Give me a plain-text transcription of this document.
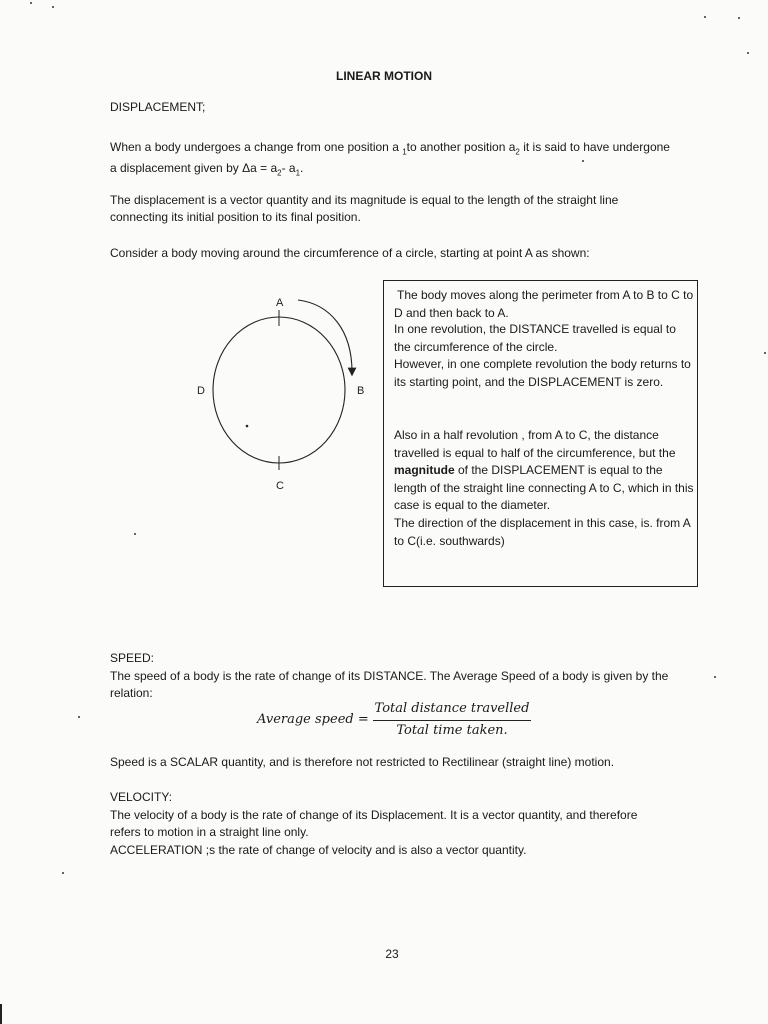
LINEAR MOTION
DISPLACEMENT;
When a body undergoes a change from one position a $_1$to another position $a_2$ it is said to have undergone a displacement given by $\Delta a = a_2-$ $a_1$.
The displacement is a vector quantity and its magnitude is equal to the length of the straight line connecting its initial position to its final position.
Consider a body moving around the circumference of a circle, starting at point A as shown:
A
B
C
D
The body moves along the perimeter from A to B to C to D and then back to A.
In one revolution, the DISTANCE travelled is equal to the circumference of the circle.
However, in one complete revolution the body returns to its starting point, and the DISPLACEMENT is zero.
Also in a half revolution , from A to C, the distance travelled is equal to half of the circumference, but the magnitude of the DISPLACEMENT is equal to the length of the straight line connecting A to C, which in this case is equal to the diameter.
The direction of the displacement in this case, is. from A to C(i.e. southwards)
SPEED:
The speed of a body is the rate of change of its DISTANCE. The Average Speed of a body is given by the relation:
Average speed =
Total distance travelled
Total time taken.
Speed is a SCALAR quantity, and is therefore not restricted to Rectilinear (straight line) motion.
VELOCITY:
The velocity of a body is the rate of change of its Displacement. It is a vector quantity, and therefore refers to motion in a straight line only.
ACCELERATION ;s the rate of change of velocity and is also a vector quantity.
23
